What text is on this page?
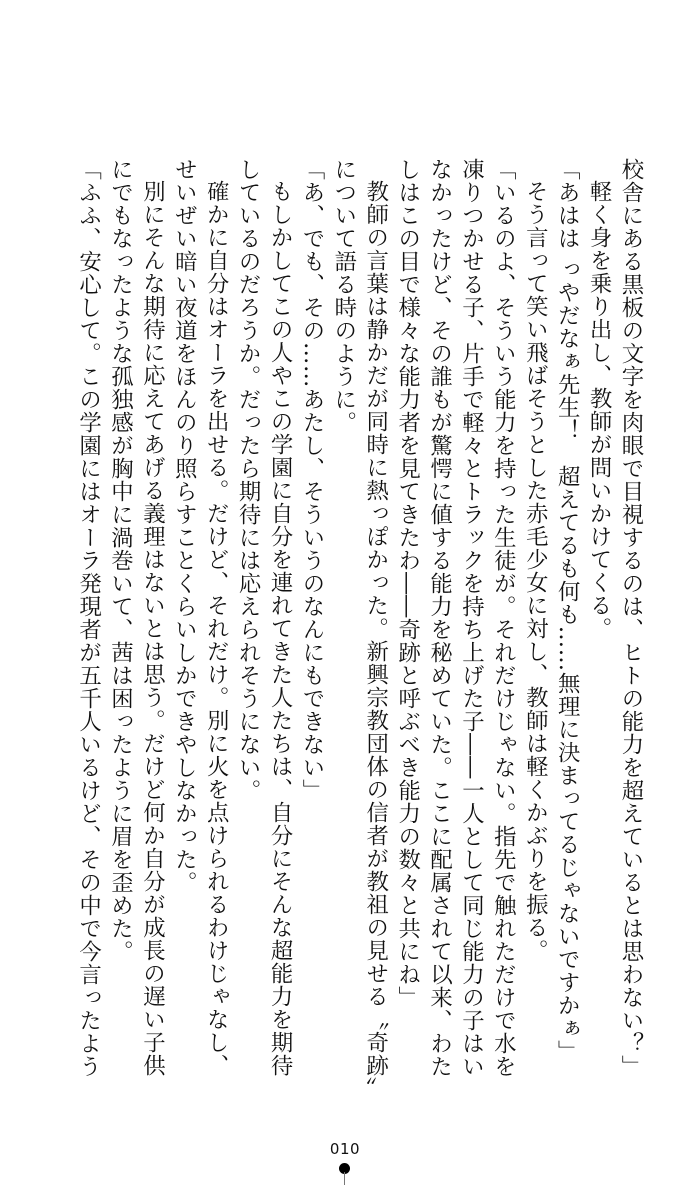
校舎にある黒板の文字を肉眼で目視するのは、ヒトの能力を超えているとは思わない？」
軽く身を乗り出し、教師が問いかけてくる。
「あはは っやだなぁ先生！　超えてるも何も……無理に決まってるじゃないですかぁ」
そう言って笑い飛ばそうとした赤毛少女に対し、教師は軽くかぶりを振る。
「いるのよ、そういう能力を持った生徒が。それだけじゃない。指先で触れただけで水を
凍りつかせる子、片手で軽々とトラックを持ち上げた子――一人として同じ能力の子はい
なかったけど、その誰もが驚愕に値する能力を秘めていた。ここに配属されて以来、わた
しはこの目で様々な能力者を見てきたわ――奇跡と呼ぶべき能力の数々と共にね」
教師の言葉は静かだが同時に熱っぽかった。新興宗教団体の信者が教祖の見せる〝奇跡〟
について語る時のように。
「あ、でも、その……あたし、そういうのなんにもできない」
もしかしてこの人やこの学園に自分を連れてきた人たちは、自分にそんな超能力を期待
しているのだろうか。だったら期待には応えられそうにない。
確かに自分はオーラを出せる。だけど、それだけ。別に火を点けられるわけじゃなし、
せいぜい暗い夜道をほんのり照らすことくらいしかできやしなかった。
別にそんな期待に応えてあげる義理はないとは思う。だけど何か自分が成長の遅い子供
にでもなったような孤独感が胸中に渦巻いて、茜は困ったように眉を歪めた。
「ふふ、安心して。この学園にはオーラ発現者が五千人いるけど、その中で今言ったよう
010
